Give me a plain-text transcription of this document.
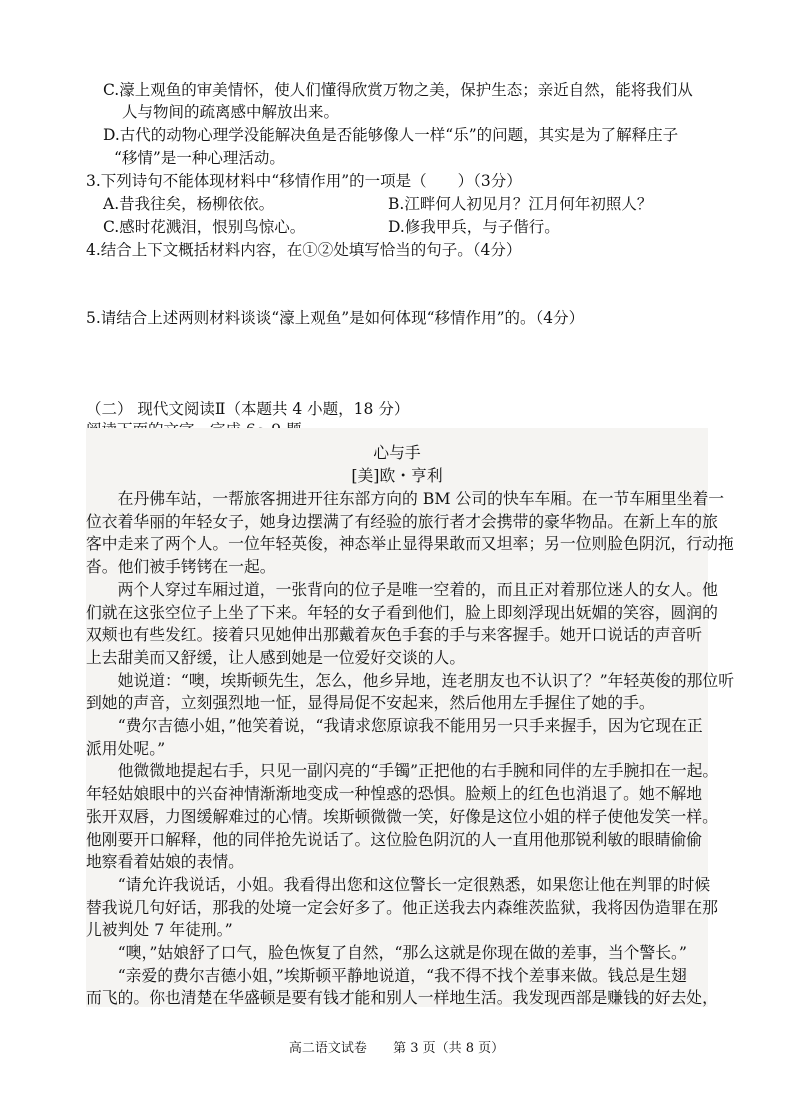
C.濠上观鱼的审美情怀，使人们懂得欣赏万物之美，保护生态；亲近自然，能将我们从
人与物间的疏离感中解放出来。
D.古代的动物心理学没能解决鱼是否能够像人一样“乐”的问题，其实是为了解释庄子
“移情”是一种心理活动。
3.下列诗句不能体现材料中“移情作用”的一项是（　　）（3分）
A.昔我往矣，杨柳依依。	B.江畔何人初见月？江月何年初照人？
C.感时花溅泪，恨别鸟惊心。	D.修我甲兵，与子偕行。
4.结合上下文概括材料内容，在①②处填写恰当的句子。（4分）
5.请结合上述两则材料谈谈“濠上观鱼”是如何体现“移情作用”的。（4分）
（二） 现代文阅读Ⅱ（本题共 4 小题，18 分）
心与手
[美]欧・亨利
　　在丹佛车站，一帮旅客拥进开往东部方向的 BM 公司的快车车厢。在一节车厢里坐着一
位衣着华丽的年轻女子，她身边摆满了有经验的旅行者才会携带的豪华物品。在新上车的旅
客中走来了两个人。一位年轻英俊，神态举止显得果敢而又坦率；另一位则脸色阴沉，行动拖
沓。他们被手铐铐在一起。
　　两个人穿过车厢过道，一张背向的位子是唯一空着的，而且正对着那位迷人的女人。他
们就在这张空位子上坐了下来。年轻的女子看到他们，脸上即刻浮现出妩媚的笑容，圆润的
双颊也有些发红。接着只见她伸出那戴着灰色手套的手与来客握手。她开口说话的声音听
上去甜美而又舒缓，让人感到她是一位爱好交谈的人。
　　她说道：“噢，埃斯顿先生，怎么，他乡异地，连老朋友也不认识了？”年轻英俊的那位听
到她的声音，立刻强烈地一怔，显得局促不安起来，然后他用左手握住了她的手。
　　“费尔吉德小姐，”他笑着说，“我请求您原谅我不能用另一只手来握手，因为它现在正
派用处呢。”
　　他微微地提起右手，只见一副闪亮的“手镯”正把他的右手腕和同伴的左手腕扣在一起。
年轻姑娘眼中的兴奋神情渐渐地变成一种惶惑的恐惧。脸颊上的红色也消退了。她不解地
张开双唇，力图缓解难过的心情。埃斯顿微微一笑，好像是这位小姐的样子使他发笑一样。
他刚要开口解释，他的同伴抢先说话了。这位脸色阴沉的人一直用他那锐利敏的眼睛偷偷
地察看着姑娘的表情。
　　“请允许我说话，小姐。我看得出您和这位警长一定很熟悉，如果您让他在判罪的时候
替我说几句好话，那我的处境一定会好多了。他正送我去内森维茨监狱，我将因伪造罪在那
儿被判处 7 年徒刑。”
　　“噢，”姑娘舒了口气，脸色恢复了自然，“那么这就是你现在做的差事，当个警长。”
　　“亲爱的费尔吉德小姐，”埃斯顿平静地说道，“我不得不找个差事来做。钱总是生翅
而飞的。你也清楚在华盛顿是要有钱才能和别人一样地生活。我发现西部是赚钱的好去处，
高二语文试卷 第 3 页（共 8 页）
